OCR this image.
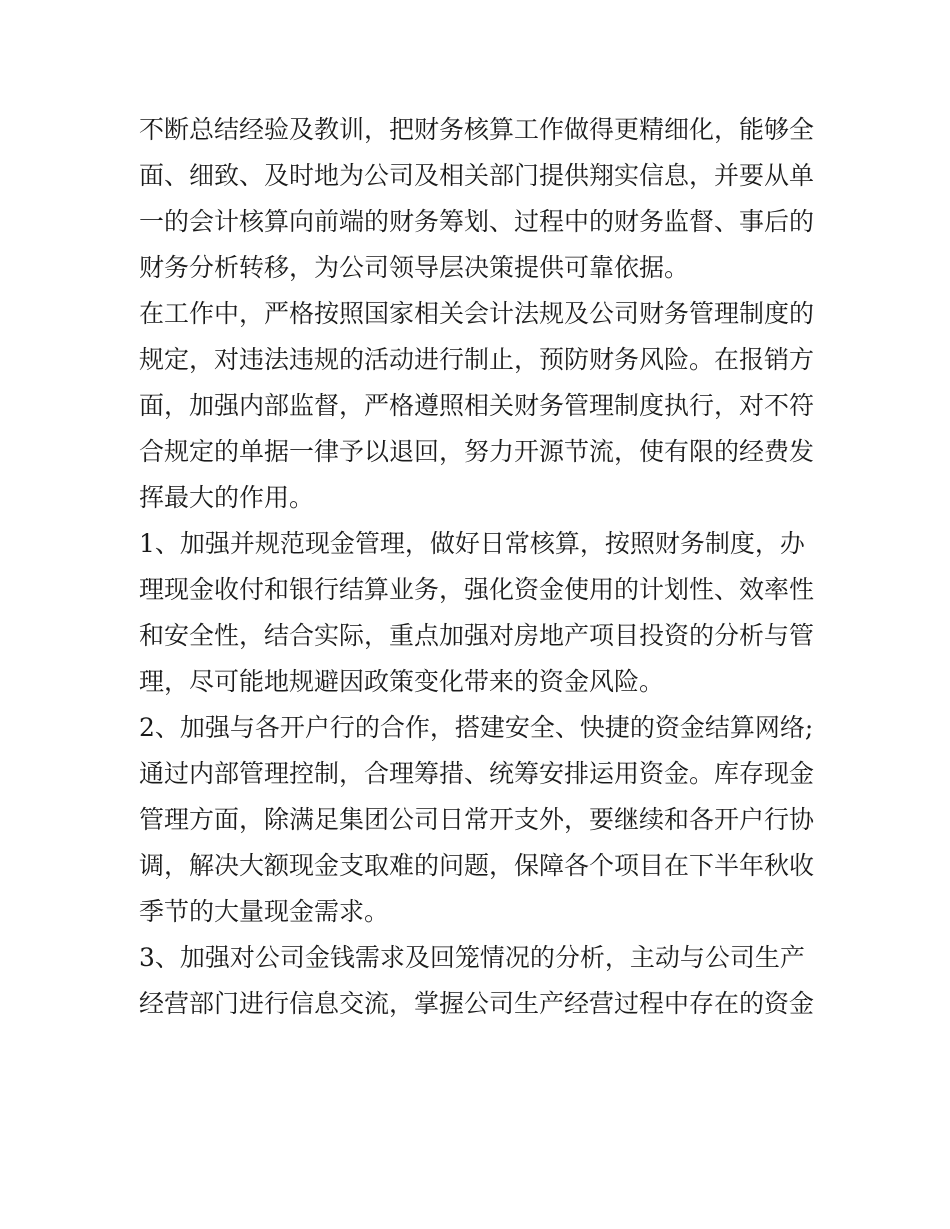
不断总结经验及教训，把财务核算工作做得更精细化，能够全
面、细致、及时地为公司及相关部门提供翔实信息，并要从单
一的会计核算向前端的财务筹划、过程中的财务监督、事后的
财务分析转移，为公司领导层决策提供可靠依据。
在工作中，严格按照国家相关会计法规及公司财务管理制度的
规定，对违法违规的活动进行制止，预防财务风险。在报销方
面，加强内部监督，严格遵照相关财务管理制度执行，对不符
合规定的单据一律予以退回，努力开源节流，使有限的经费发
挥最大的作用。
1、加强并规范现金管理，做好日常核算，按照财务制度，办
理现金收付和银行结算业务，强化资金使用的计划性、效率性
和安全性，结合实际，重点加强对房地产项目投资的分析与管
理，尽可能地规避因政策变化带来的资金风险。
2、加强与各开户行的合作，搭建安全、快捷的资金结算网络;
通过内部管理控制，合理筹措、统筹安排运用资金。库存现金
管理方面，除满足集团公司日常开支外，要继续和各开户行协
调，解决大额现金支取难的问题，保障各个项目在下半年秋收
季节的大量现金需求。
3、加强对公司金钱需求及回笼情况的分析，主动与公司生产
经营部门进行信息交流，掌握公司生产经营过程中存在的资金
